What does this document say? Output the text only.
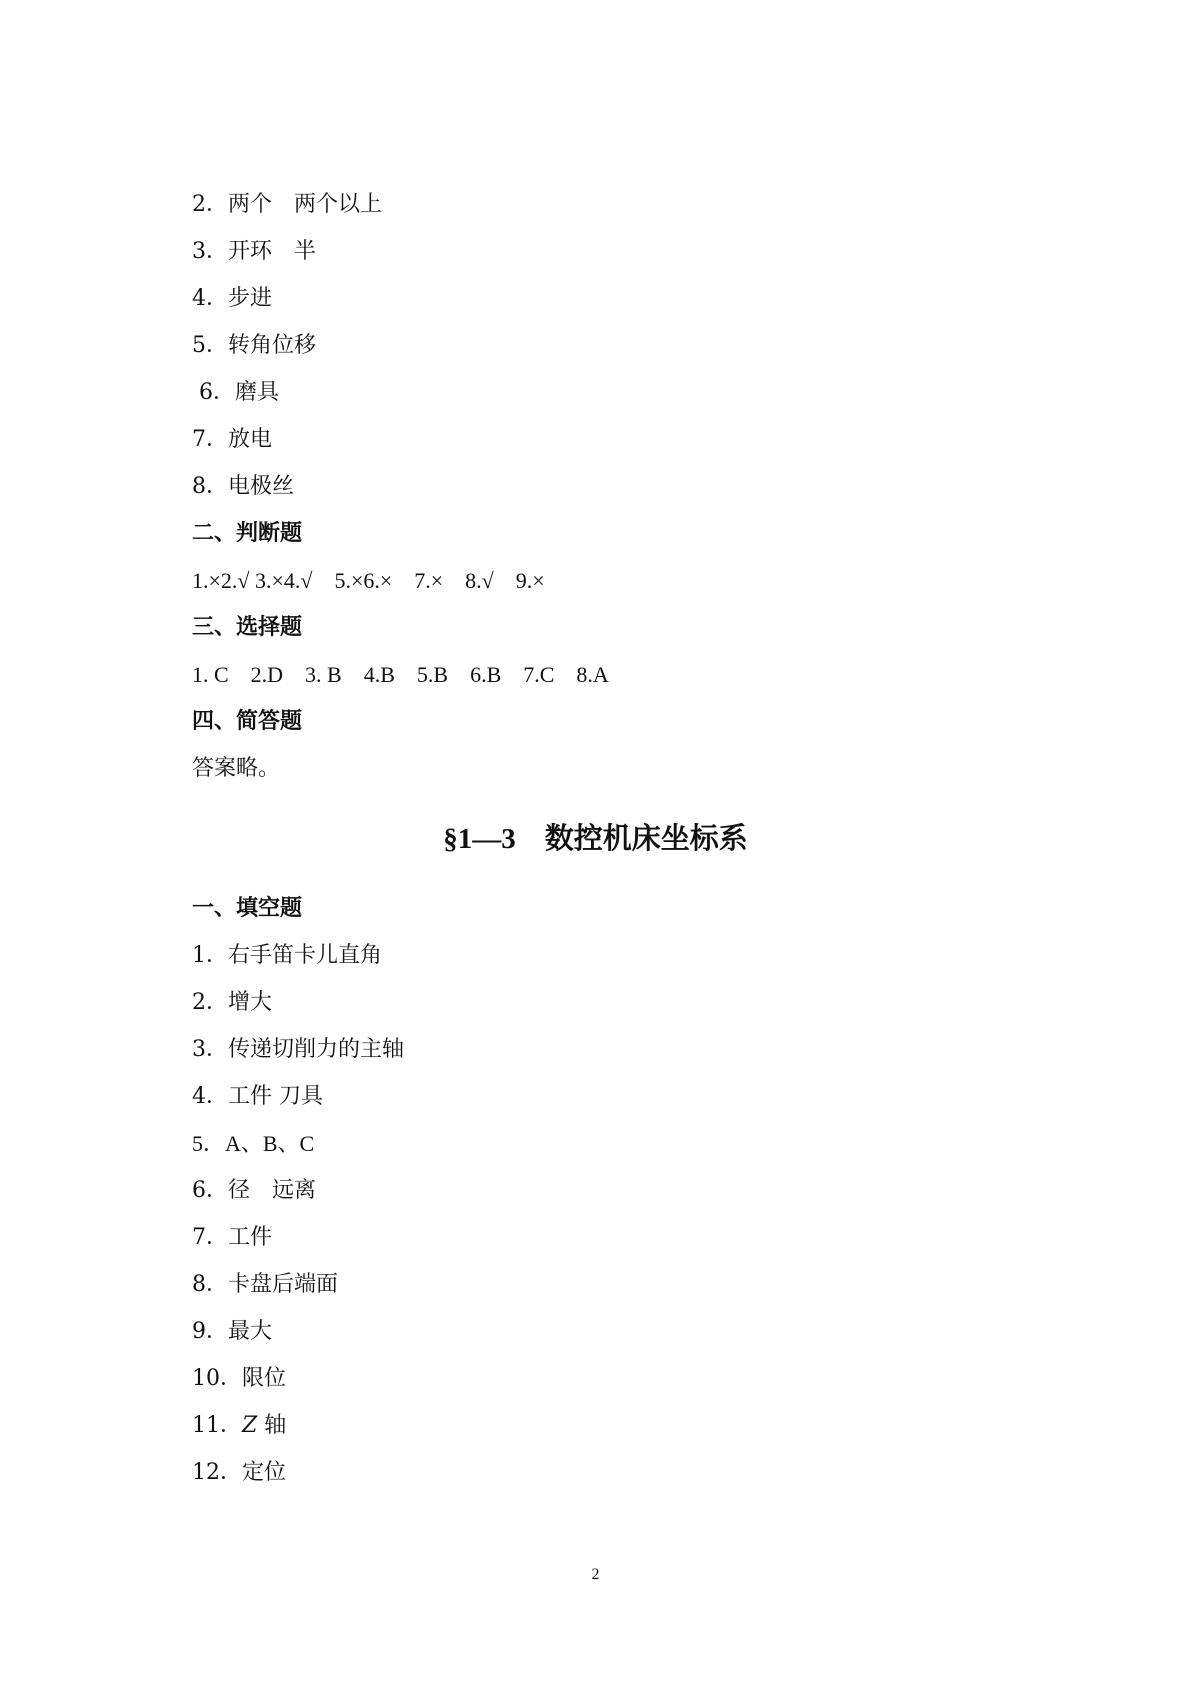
2．两个　两个以上
3．开环　半
4．步进
5．转角位移
6．磨具
7．放电
8．电极丝
二、判断题
1.×2.√ 3.×4.√　5.×6.×　7.×　8.√　9.×
三、选择题
1. C　2.D　3. B　4.B　5.B　6.B　7.C　8.A
四、简答题
答案略。
§1—3　 数控机床坐标系
一、填空题
1．右手笛卡儿直角
2．增大
3．传递切削力的主轴
4．工件 刀具
5．A、B、C
6．径　远离
7．工件
8．卡盘后端面
9．最大
10．限位
11．Z 轴
12．定位
2
